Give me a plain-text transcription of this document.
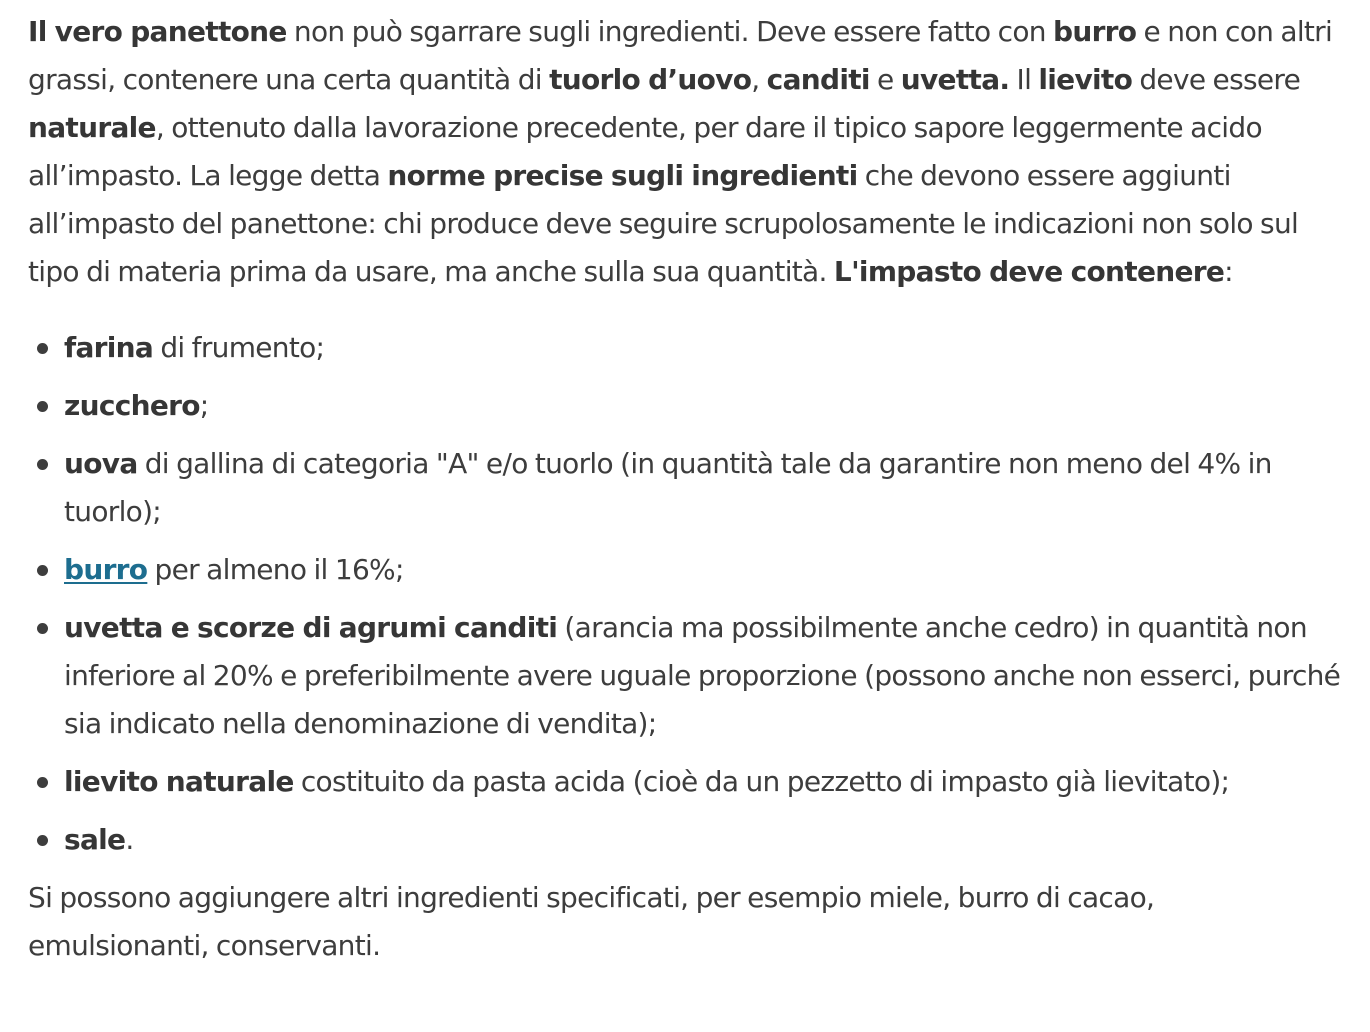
Il vero panettone non può sgarrare sugli ingredienti. Deve essere fatto con burro e non con altri grassi, contenere una certa quantità di tuorlo d’uovo, canditi e uvetta. Il lievito deve essere naturale, ottenuto dalla lavorazione precedente, per dare il tipico sapore leggermente acido all’impasto. La legge detta norme precise sugli ingredienti che devono essere aggiunti all’impasto del panettone: chi produce deve seguire scrupolosamente le indicazioni non solo sul tipo di materia prima da usare, ma anche sulla sua quantità. L'impasto deve contenere:

farina di frumento;
zucchero;
uova di gallina di categoria "A" e/o tuorlo (in quantità tale da garantire non meno del 4% in tuorlo);
burro per almeno il 16%;
uvetta e scorze di agrumi canditi (arancia ma possibilmente anche cedro) in quantità non inferiore al 20% e preferibilmente avere uguale proporzione (possono anche non esserci, purché sia indicato nella denominazione di vendita);
lievito naturale costituito da pasta acida (cioè da un pezzetto di impasto già lievitato);
sale.

Si possono aggiungere altri ingredienti specificati, per esempio miele, burro di cacao, emulsionanti, conservanti.
